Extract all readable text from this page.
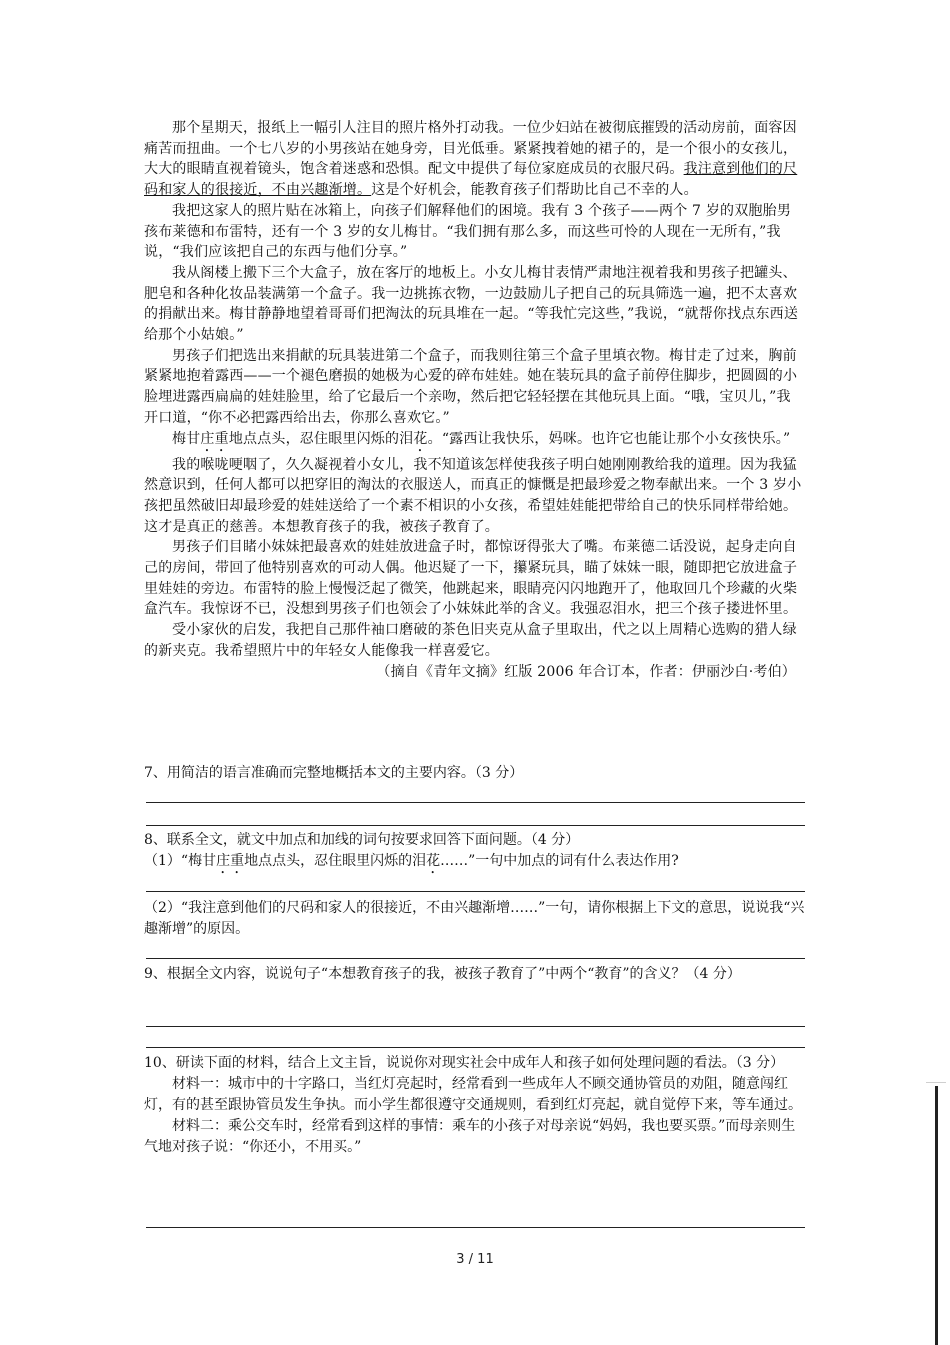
那个星期天，报纸上一幅引人注目的照片格外打动我。一位少妇站在被彻底摧毁的活动房前，面容因痛苦而扭曲。一个七八岁的小男孩站在她身旁，目光低垂。紧紧拽着她的裙子的，是一个很小的女孩儿，大大的眼睛直视着镜头，饱含着迷惑和恐惧。配文中提供了每位家庭成员的衣服尺码。我注意到他们的尺码和家人的很接近，不由兴趣渐增。这是个好机会，能教育孩子们帮助比自己不幸的人。

我把这家人的照片贴在冰箱上，向孩子们解释他们的困境。我有 3 个孩子——两个 7 岁的双胞胎男孩布莱德和布雷特，还有一个 3 岁的女儿梅甘。“我们拥有那么多，而这些可怜的人现在一无所有，”我说，“我们应该把自己的东西与他们分享。”

我从阁楼上搬下三个大盒子，放在客厅的地板上。小女儿梅甘表情严肃地注视着我和男孩子把罐头、肥皂和各种化妆品装满第一个盒子。我一边挑拣衣物，一边鼓励儿子把自己的玩具筛选一遍，把不太喜欢的捐献出来。梅甘静静地望着哥哥们把淘汰的玩具堆在一起。“等我忙完这些，”我说，“就帮你找点东西送给那个小姑娘。”

男孩子们把选出来捐献的玩具装进第二个盒子，而我则往第三个盒子里填衣物。梅甘走了过来，胸前紧紧地抱着露西——一个褪色磨损的她极为心爱的碎布娃娃。她在装玩具的盒子前停住脚步，把圆圆的小脸埋进露西扁扁的娃娃脸里，给了它最后一个亲吻，然后把它轻轻摆在其他玩具上面。“哦，宝贝儿，”我开口道，“你不必把露西给出去，你那么喜欢它。”

梅甘庄重地点点头，忍住眼里闪烁的泪花。“露西让我快乐，妈咪。也许它也能让那个小女孩快乐。”

我的喉咙哽咽了，久久凝视着小女儿，我不知道该怎样使我孩子明白她刚刚教给我的道理。因为我猛然意识到，任何人都可以把穿旧的淘汰的衣服送人，而真正的慷慨是把最珍爱之物奉献出来。一个 3 岁小孩把虽然破旧却最珍爱的娃娃送给了一个素不相识的小女孩，希望娃娃能把带给自己的快乐同样带给她。这才是真正的慈善。本想教育孩子的我，被孩子教育了。

男孩子们目睹小妹妹把最喜欢的娃娃放进盒子时，都惊讶得张大了嘴。布莱德二话没说，起身走向自己的房间，带回了他特别喜欢的可动人偶。他迟疑了一下，攥紧玩具，瞄了妹妹一眼，随即把它放进盒子里娃娃的旁边。布雷特的脸上慢慢泛起了微笑，他跳起来，眼睛亮闪闪地跑开了，他取回几个珍藏的火柴盒汽车。我惊讶不已，没想到男孩子们也领会了小妹妹此举的含义。我强忍泪水，把三个孩子搂进怀里。

受小家伙的启发，我把自己那件袖口磨破的茶色旧夹克从盒子里取出，代之以上周精心选购的猎人绿的新夹克。我希望照片中的年轻女人能像我一样喜爱它。

（摘自《青年文摘》红版 2006 年合订本，作者：伊丽沙白·考伯）

7、用简洁的语言准确而完整地概括本文的主要内容。（3 分）

8、联系全文，就文中加点和加线的词句按要求回答下面问题。（4 分）

（1）“梅甘庄重地点点头，忍住眼里闪烁的泪花……”一句中加点的词有什么表达作用?

（2）“我注意到他们的尺码和家人的很接近，不由兴趣渐增……”一句，请你根据上下文的意思，说说我“兴趣渐增”的原因。

9、根据全文内容，说说句子“本想教育孩子的我，被孩子教育了”中两个“教育”的含义？（4 分）

10、研读下面的材料，结合上文主旨，说说你对现实社会中成年人和孩子如何处理问题的看法。（3 分）

材料一：城市中的十字路口，当红灯亮起时，经常看到一些成年人不顾交通协管员的劝阻，随意闯红灯，有的甚至跟协管员发生争执。而小学生都很遵守交通规则，看到红灯亮起，就自觉停下来，等车通过。

材料二：乘公交车时，经常看到这样的事情：乘车的小孩子对母亲说“妈妈，我也要买票。”而母亲则生气地对孩子说：“你还小，不用买。”

3 / 11
